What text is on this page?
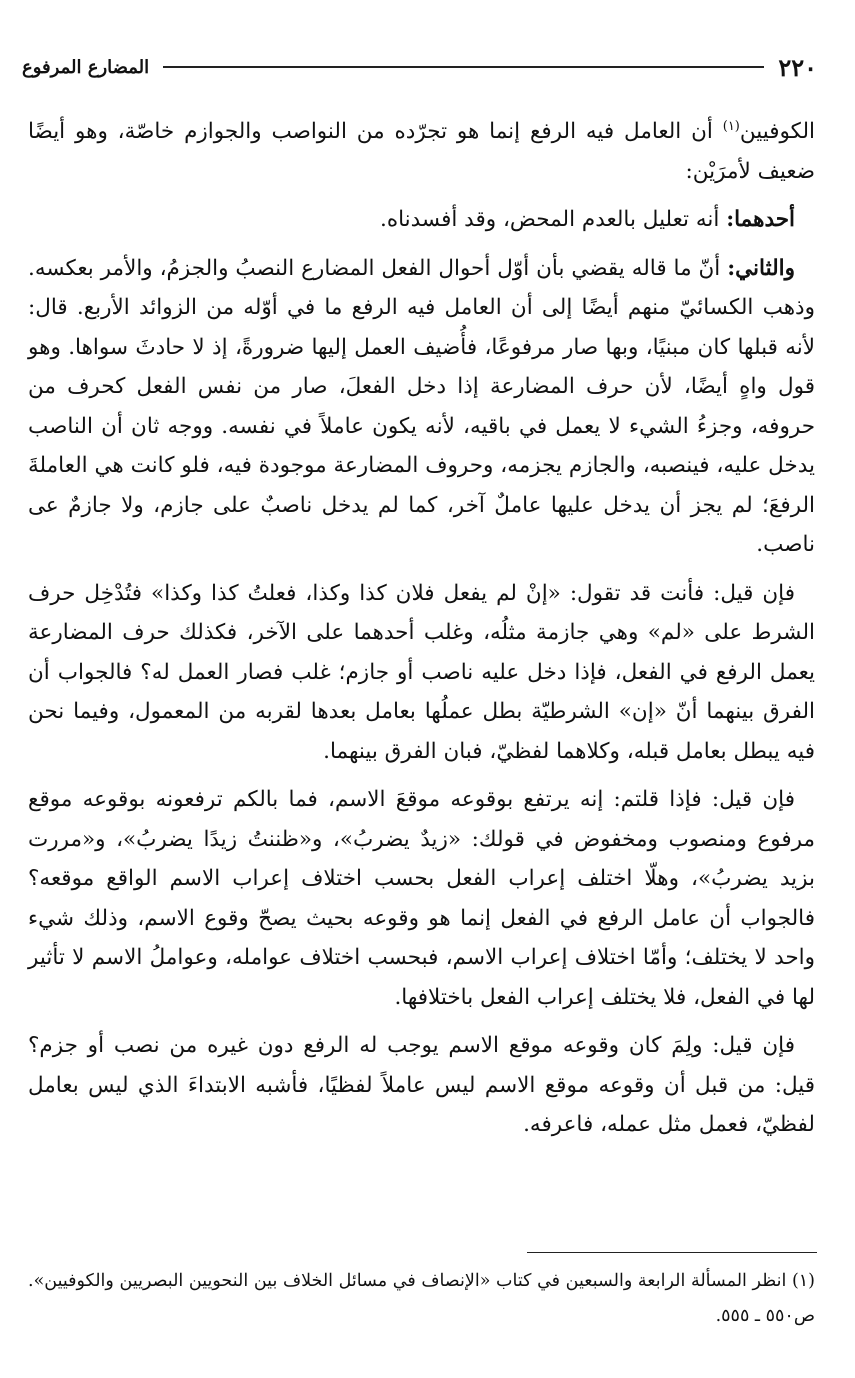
٢٢٠
المضارع المرفوع

الكوفيين$^{(١)}$ أن العامل فيه الرفع إنما هو تجرّده من النواصب والجوازم خاصّة، وهو أيضًا ضعيف لأمرَيْن:

أحدهما: أنه تعليل بالعدم المحض، وقد أفسدناه.

والثاني: أنّ ما قاله يقضي بأن أوّل أحوال الفعل المضارع النصبُ والجزمُ، والأمر بعكسه. وذهب الكسائيّ منهم أيضًا إلى أن العامل فيه الرفع ما في أوّله من الزوائد الأربع. قال: لأنه قبلها كان مبنيًا، وبها صار مرفوعًا، فأُضيف العمل إليها ضرورةً، إذ لا حادثَ سواها. وهو قول واهٍ أيضًا، لأن حرف المضارعة إذا دخل الفعلَ، صار من نفس الفعل كحرف من حروفه، وجزءُ الشيء لا يعمل في باقيه، لأنه يكون عاملاً في نفسه. ووجه ثان أن الناصب يدخل عليه، فينصبه، والجازم يجزمه، وحروف المضارعة موجودة فيه، فلو كانت هي العاملةَ الرفعَ؛ لم يجز أن يدخل عليها عاملٌ آخر، كما لم يدخل ناصبٌ على جازم، ولا جازمٌ عى ناصب.

فإن قيل: فأنت قد تقول: «إنْ لم يفعل فلان كذا وكذا، فعلتُ كذا وكذا» فتُدْخِل حرف الشرط على «لم» وهي جازمة مثلُه، وغلب أحدهما على الآخر، فكذلك حرف المضارعة يعمل الرفع في الفعل، فإذا دخل عليه ناصب أو جازم؛ غلب فصار العمل له؟ فالجواب أن الفرق بينهما أنّ «إن» الشرطيّة بطل عملُها بعامل بعدها لقربه من المعمول، وفيما نحن فيه يبطل بعامل قبله، وكلاهما لفظيّ، فبان الفرق بينهما.

فإن قيل: فإذا قلتم: إنه يرتفع بوقوعه موقعَ الاسم، فما بالكم ترفعونه بوقوعه موقع مرفوع ومنصوب ومخفوض في قولك: «زيدٌ يضربُ»، و«ظننتُ زيدًا يضربُ»، و«مررت بزيد يضربُ»، وهلّا اختلف إعراب الفعل بحسب اختلاف إعراب الاسم الواقع موقعه؟ فالجواب أن عامل الرفع في الفعل إنما هو وقوعه بحيث يصحّ وقوع الاسم، وذلك شيء واحد لا يختلف؛ وأمّا اختلاف إعراب الاسم، فبحسب اختلاف عوامله، وعواملُ الاسم لا تأثير لها في الفعل، فلا يختلف إعراب الفعل باختلافها.

فإن قيل: ولِمَ كان وقوعه موقع الاسم يوجب له الرفع دون غيره من نصب أو جزم؟ قيل: من قبل أن وقوعه موقع الاسم ليس عاملاً لفظيًا، فأشبه الابتداءَ الذي ليس بعامل لفظيّ، فعمل مثل عمله، فاعرفه.

(١) انظر المسألة الرابعة والسبعين في كتاب «الإنصاف في مسائل الخلاف بين النحويين البصريين والكوفيين». ص٥٥٠ ـ ٥٥٥.
